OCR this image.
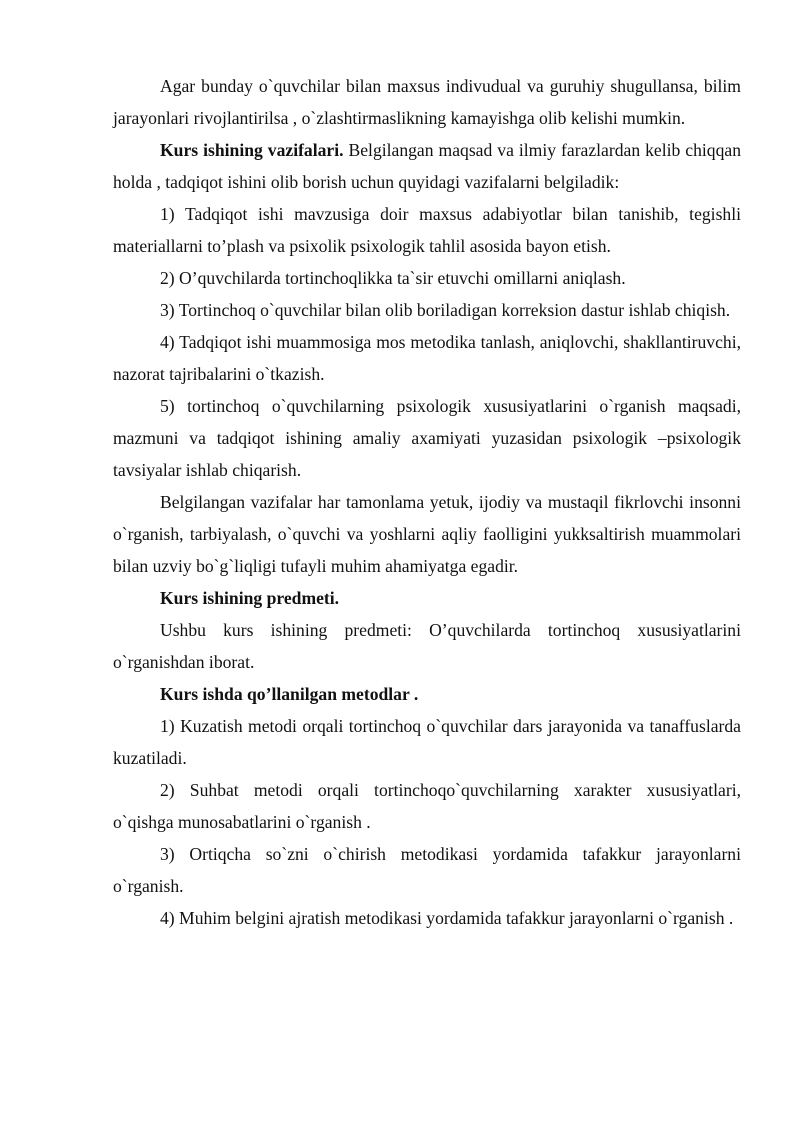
Agar bunday o`quvchilar bilan maxsus indivudual va guruhiy shugullansa, bilim jarayonlari rivojlantirilsa , o`zlashtirmaslikning kamayishga olib kelishi mumkin.

Kurs ishining vazifalari. Belgilangan maqsad va ilmiy farazlardan kelib chiqqan holda , tadqiqot ishini olib borish uchun quyidagi vazifalarni belgiladik:

1) Tadqiqot ishi mavzusiga doir maxsus adabiyotlar bilan tanishib, tegishli materiallarni to’plash va psixolik psixologik tahlil asosida bayon etish.

2) O’quvchilarda tortinchoqlikka ta`sir etuvchi omillarni aniqlash.

3) Tortinchoq o`quvchilar bilan olib boriladigan korreksion dastur ishlab chiqish.

4) Tadqiqot ishi muammosiga mos metodika tanlash, aniqlovchi, shakllantiruvchi, nazorat tajribalarini o`tkazish.

5) tortinchoq o`quvchilarning psixologik xususiyatlarini o`rganish maqsadi, mazmuni va tadqiqot ishining amaliy axamiyati yuzasidan psixologik –psixologik tavsiyalar ishlab chiqarish.

Belgilangan vazifalar har tamonlama yetuk, ijodiy va mustaqil fikrlovchi insonni o`rganish, tarbiyalash, o`quvchi va yoshlarni aqliy faolligini yukksaltirish muammolari bilan uzviy bo`g`liqligi tufayli muhim ahamiyatga egadir.

Kurs ishining predmeti.

Ushbu kurs ishining predmeti: O’quvchilarda tortinchoq xususiyatlarini o`rganishdan iborat.

Kurs ishda qo’llanilgan metodlar .

1) Kuzatish metodi orqali tortinchoq o`quvchilar dars jarayonida va tanaffuslarda kuzatiladi.

2) Suhbat metodi orqali tortinchoqo`quvchilarning xarakter xususiyatlari, o`qishga munosabatlarini o`rganish .

3) Ortiqcha so`zni o`chirish metodikasi yordamida tafakkur jarayonlarni o`rganish.

4) Muhim belgini ajratish metodikasi yordamida tafakkur jarayonlarni o`rganish .
